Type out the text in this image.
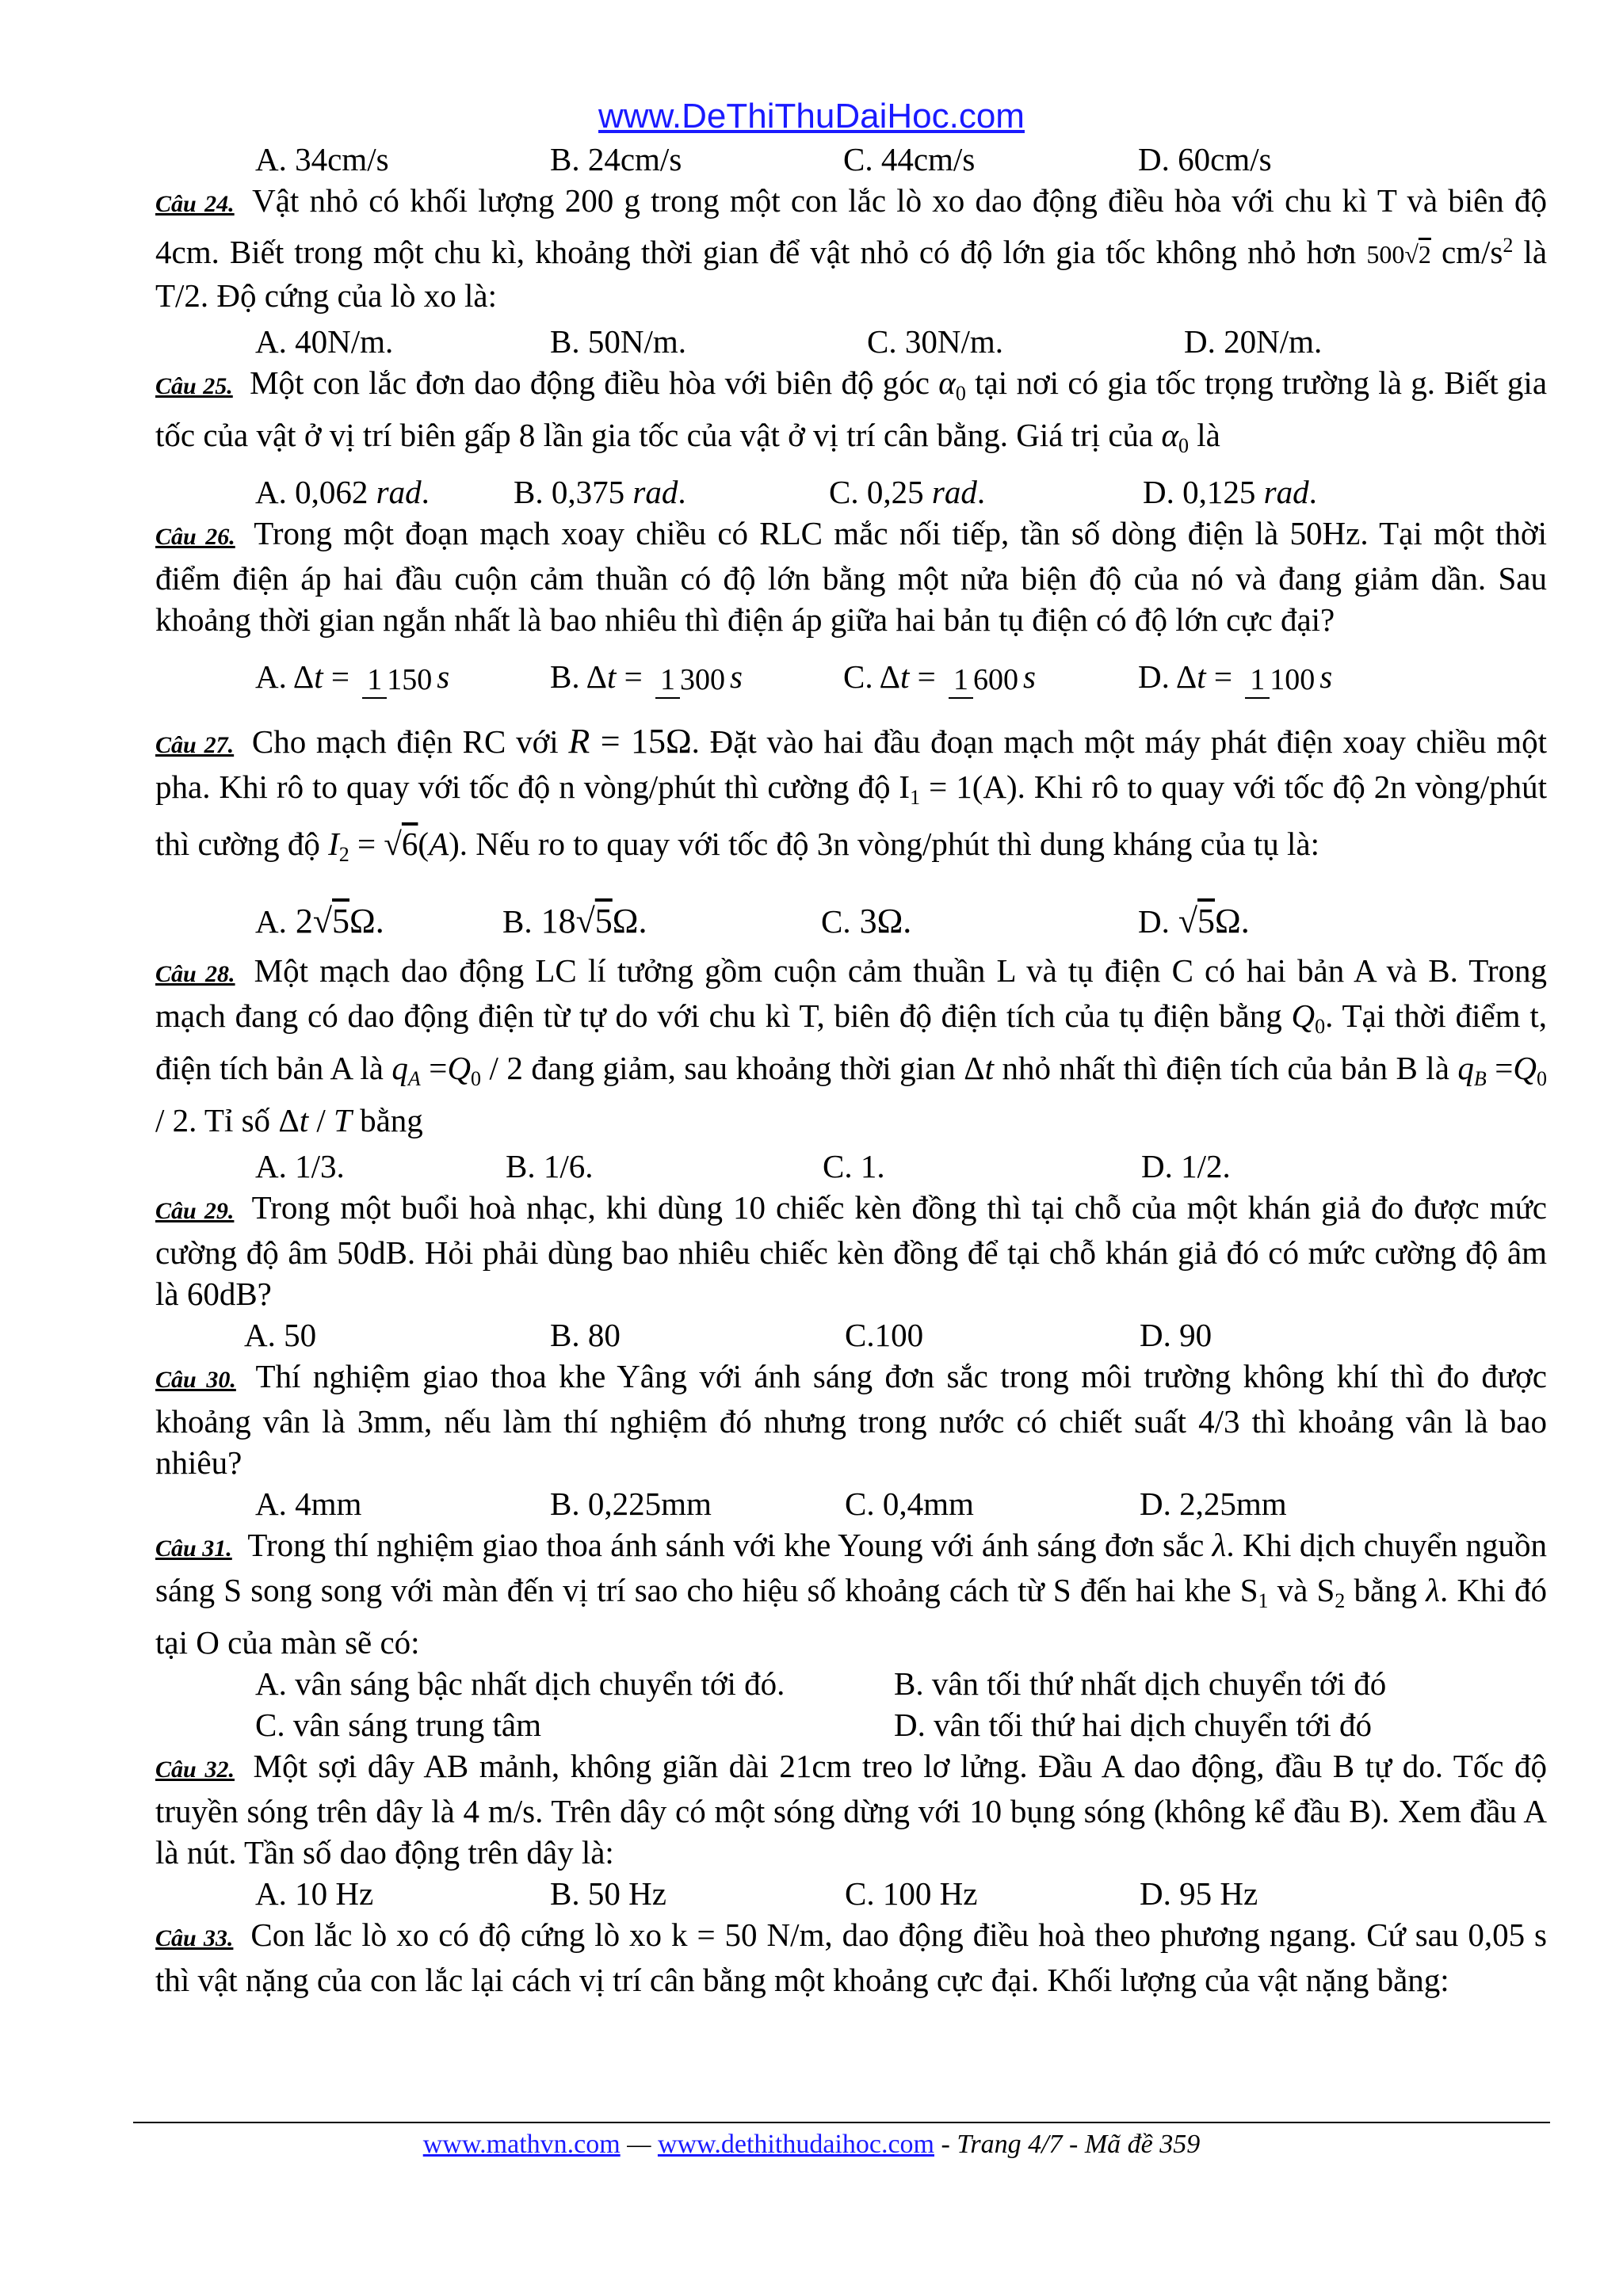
www.DeThiThuDaiHoc.com
A. 34cm/s	B. 24cm/s	C. 44cm/s	D. 60cm/s

Câu 24. Vật nhỏ có khối lượng 200 g trong một con lắc lò xo dao động điều hòa với chu kì T và biên độ 4cm. Biết trong một chu kì, khoảng thời gian để vật nhỏ có độ lớn gia tốc không nhỏ hơn 500√2 $cm/s^2$ là T/2. Độ cứng của lò xo là:

A. 40N/m.	B. 50N/m.	C. 30N/m.	D. 20N/m.

Câu 25. Một con lắc đơn dao động điều hòa với biên độ góc $\alpha_0$ tại nơi có gia tốc trọng trường là g. Biết gia tốc của vật ở vị trí biên gấp 8 lần gia tốc của vật ở vị trí cân bằng. Giá trị của $\alpha_0$ là

A. 0,062 rad.	B. 0,375 rad.	C. 0,25 rad.	D. 0,125 rad.

Câu 26. Trong một đoạn mạch xoay chiều có RLC mắc nối tiếp, tần số dòng điện là 50Hz. Tại một thời điểm điện áp hai đầu cuộn cảm thuần có độ lớn bằng một nửa biện độ của nó và đang giảm dần. Sau khoảng thời gian ngắn nhất là bao nhiêu thì điện áp giữa hai bản tụ điện có độ lớn cực đại?

A. Δt = 1 150 s	B. Δt = 1 300 s	C. Δt = 1 600 s	D. Δt = 1 100 s

Câu 27. Cho mạch điện RC với R = 15Ω. Đặt vào hai đầu đoạn mạch một máy phát điện xoay chiều một pha. Khi rô to quay với tốc độ n vòng/phút thì cường độ $I_1 = 1(A)$. Khi rô to quay với tốc độ 2n vòng/phút thì cường độ $I_2 = √6(A)$. Nếu ro to quay với tốc độ 3n vòng/phút thì dung kháng của tụ là:

A. 2√5Ω.	B. 18√5Ω.	C. 3Ω.	D. √5Ω.

Câu 28. Một mạch dao động LC lí tưởng gồm cuộn cảm thuần L và tụ điện C có hai bản A và B. Trong mạch đang có dao động điện từ tự do với chu kì T, biên độ điện tích của tụ điện bằng $Q_0$. Tại thời điểm t, điện tích bản A là $q_A =Q_0 / 2$ đang giảm, sau khoảng thời gian Δt nhỏ nhất thì điện tích của bản B là $q_B =Q_0 / 2$. Tỉ số Δt / T bằng

A. 1/3.	B. 1/6.	C. 1.	D. 1/2.

Câu 29. Trong một buổi hoà nhạc, khi dùng 10 chiếc kèn đồng thì tại chỗ của một khán giả đo được mức cường độ âm 50dB. Hỏi phải dùng bao nhiêu chiếc kèn đồng để tại chỗ khán giả đó có mức cường độ âm là 60dB?

A. 50	B. 80	C.100	D. 90

Câu 30. Thí nghiệm giao thoa khe Yâng với ánh sáng đơn sắc trong môi trường không khí thì đo được khoảng vân là 3mm, nếu làm thí nghiệm đó nhưng trong nước có chiết suất 4/3 thì khoảng vân là bao nhiêu?

A. 4mm	B. 0,225mm	C. 0,4mm	D. 2,25mm

Câu 31. Trong thí nghiệm giao thoa ánh sánh với khe Young với ánh sáng đơn sắc λ. Khi dịch chuyển nguồn sáng S song song với màn đến vị trí sao cho hiệu số khoảng cách từ S đến hai khe $S_1$ và $S_2$ bằng λ. Khi đó tại O của màn sẽ có:

A. vân sáng bậc nhất dịch chuyển tới đó.	B. vân tối thứ nhất dịch chuyển tới đó
C. vân sáng trung tâm	D. vân tối thứ hai dịch chuyển tới đó

Câu 32. Một sợi dây AB mảnh, không giãn dài 21cm treo lơ lửng. Đầu A dao động, đầu B tự do. Tốc độ truyền sóng trên dây là 4 m/s. Trên dây có một sóng dừng với 10 bụng sóng (không kể đầu B). Xem đầu A là nút. Tần số dao động trên dây là:

A. 10 Hz	B. 50 Hz	C. 100 Hz	D. 95 Hz

Câu 33. Con lắc lò xo có độ cứng lò xo k = 50 N/m, dao động điều hoà theo phương ngang. Cứ sau 0,05 s thì vật nặng của con lắc lại cách vị trí cân bằng một khoảng cực đại. Khối lượng của vật nặng bằng:

www.mathvn.com — www.dethithudaihoc.com - Trang 4/7 - Mã đề 359
